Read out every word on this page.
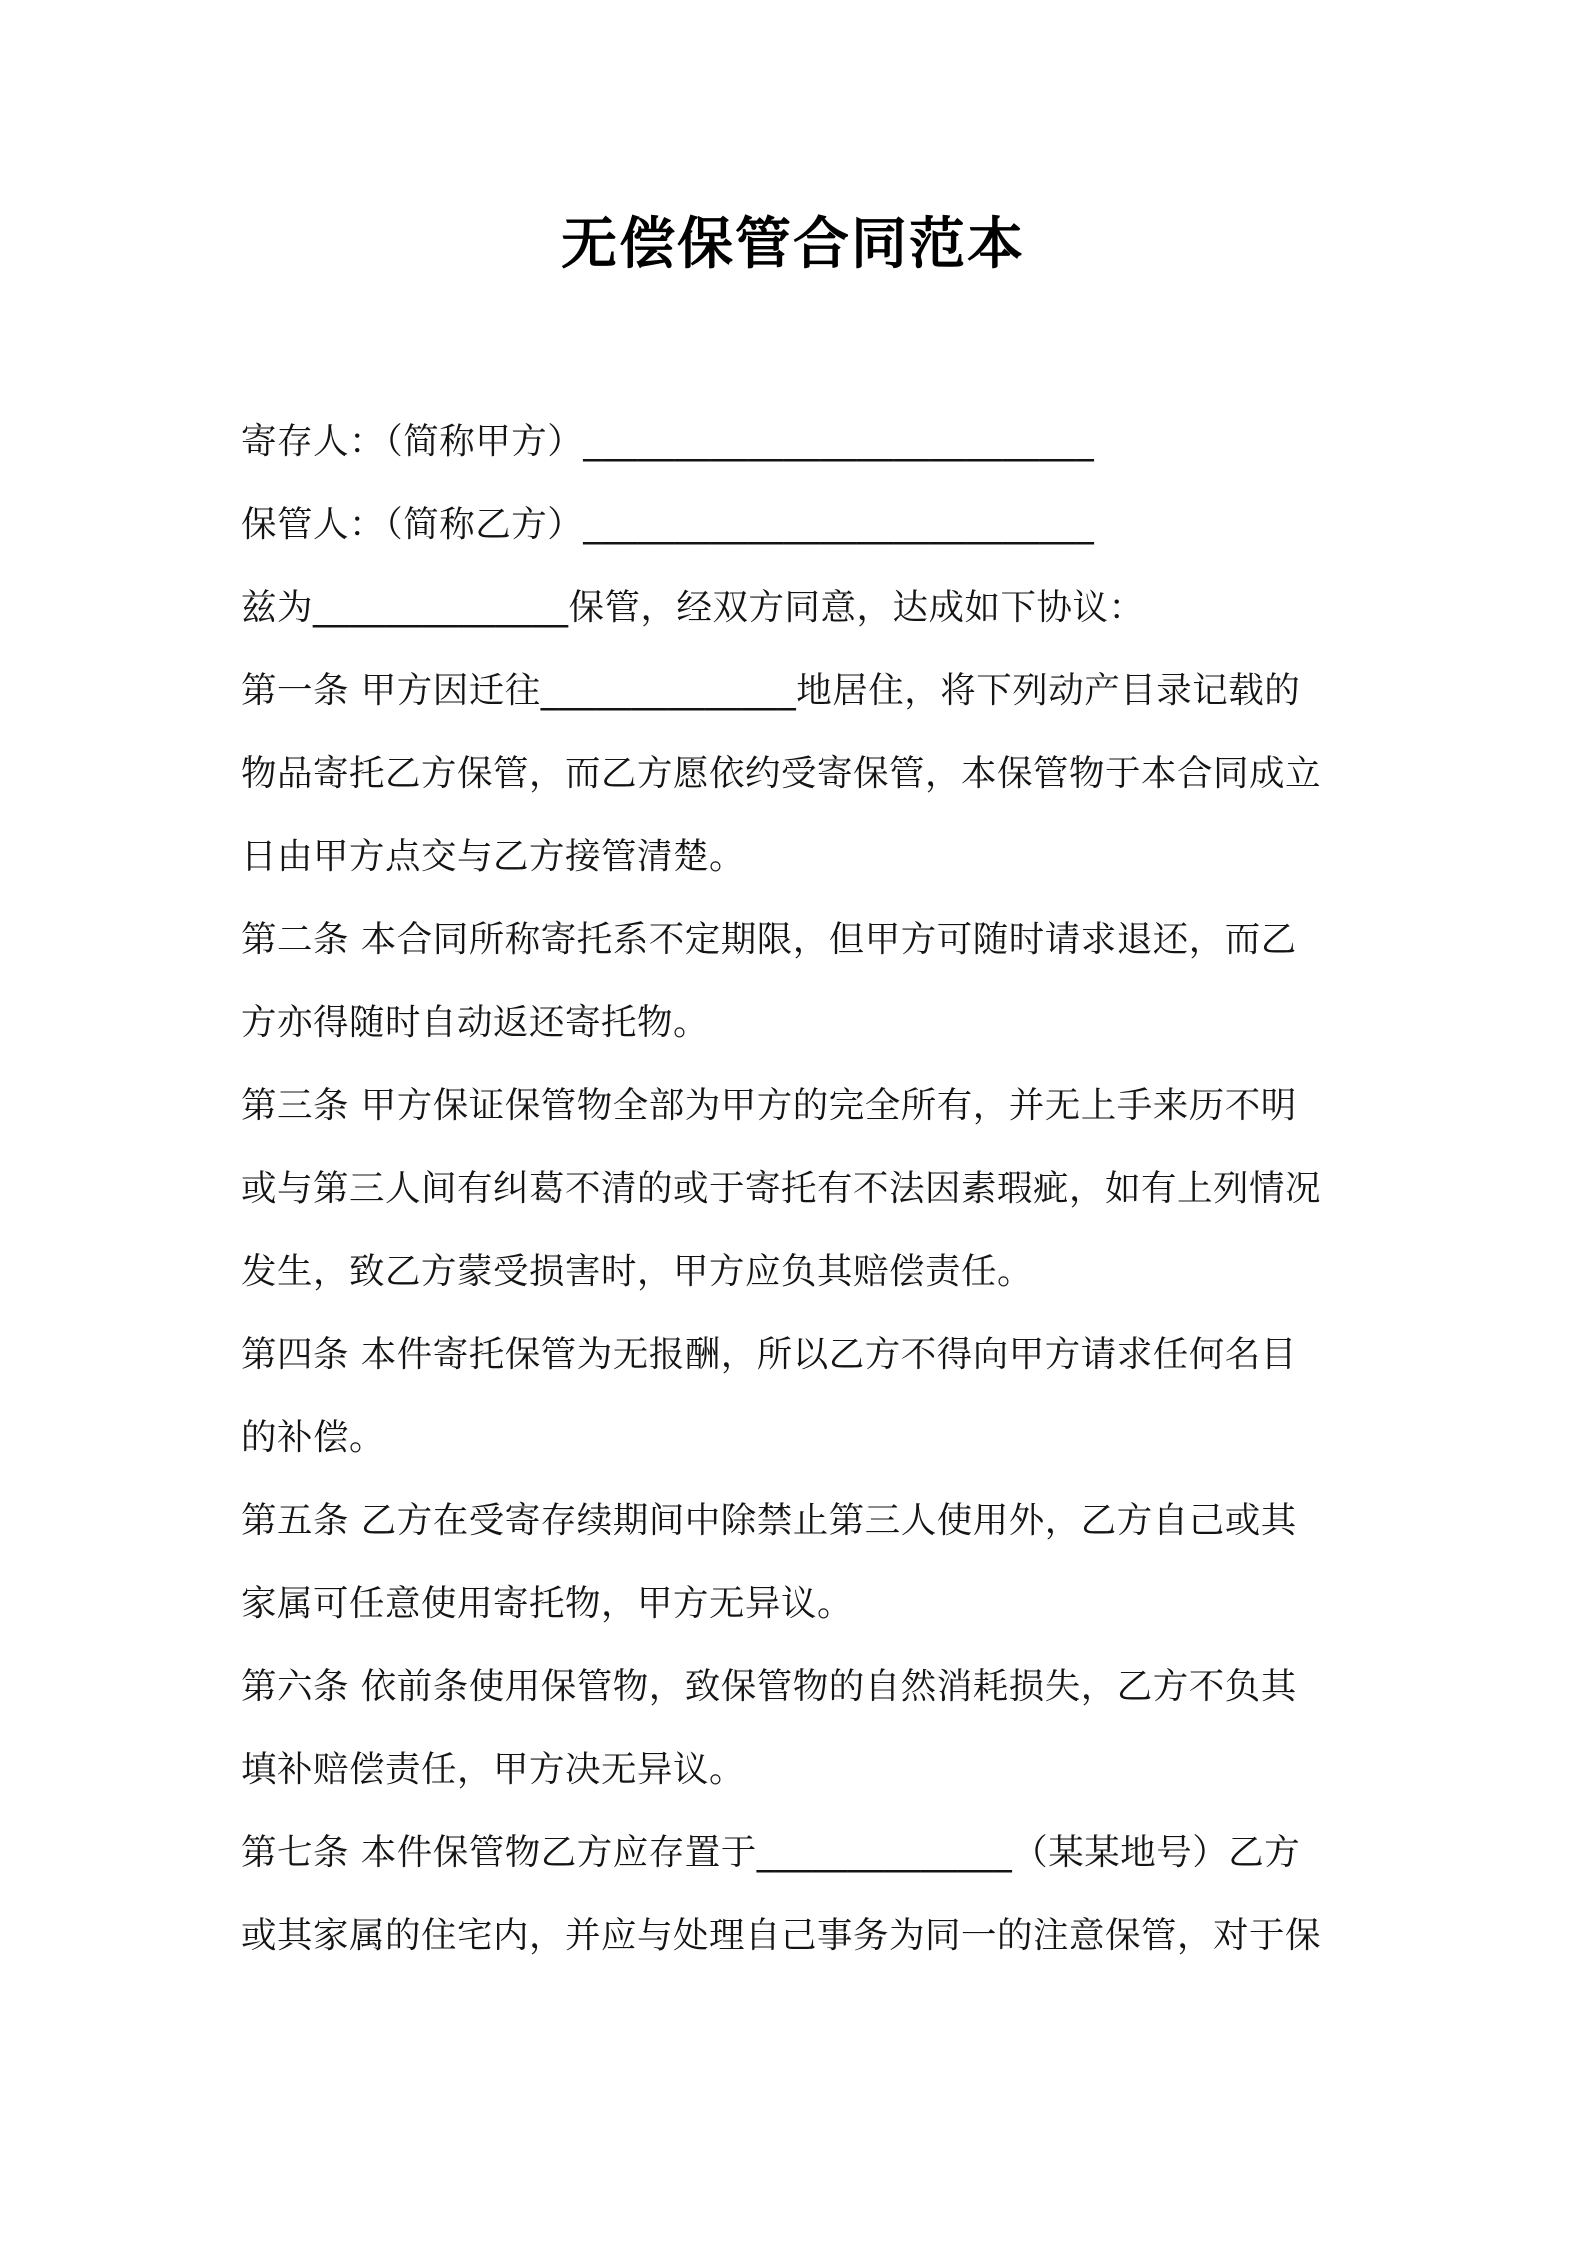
无偿保管合同范本
寄存人：（简称甲方）____________________________
保管人：（简称乙方）____________________________
兹为______________保管，经双方同意，达成如下协议：
第一条 甲方因迁往______________地居住，将下列动产目录记载的
物品寄托乙方保管，而乙方愿依约受寄保管，本保管物于本合同成立
日由甲方点交与乙方接管清楚。
第二条 本合同所称寄托系不定期限，但甲方可随时请求退还，而乙
方亦得随时自动返还寄托物。
第三条 甲方保证保管物全部为甲方的完全所有，并无上手来历不明
或与第三人间有纠葛不清的或于寄托有不法因素瑕疵，如有上列情况
发生，致乙方蒙受损害时，甲方应负其赔偿责任。
第四条 本件寄托保管为无报酬，所以乙方不得向甲方请求任何名目
的补偿。
第五条 乙方在受寄存续期间中除禁止第三人使用外，乙方自己或其
家属可任意使用寄托物，甲方无异议。
第六条 依前条使用保管物，致保管物的自然消耗损失，乙方不负其
填补赔偿责任，甲方决无异议。
第七条 本件保管物乙方应存置于______________（某某地号）乙方
或其家属的住宅内，并应与处理自己事务为同一的注意保管，对于保
